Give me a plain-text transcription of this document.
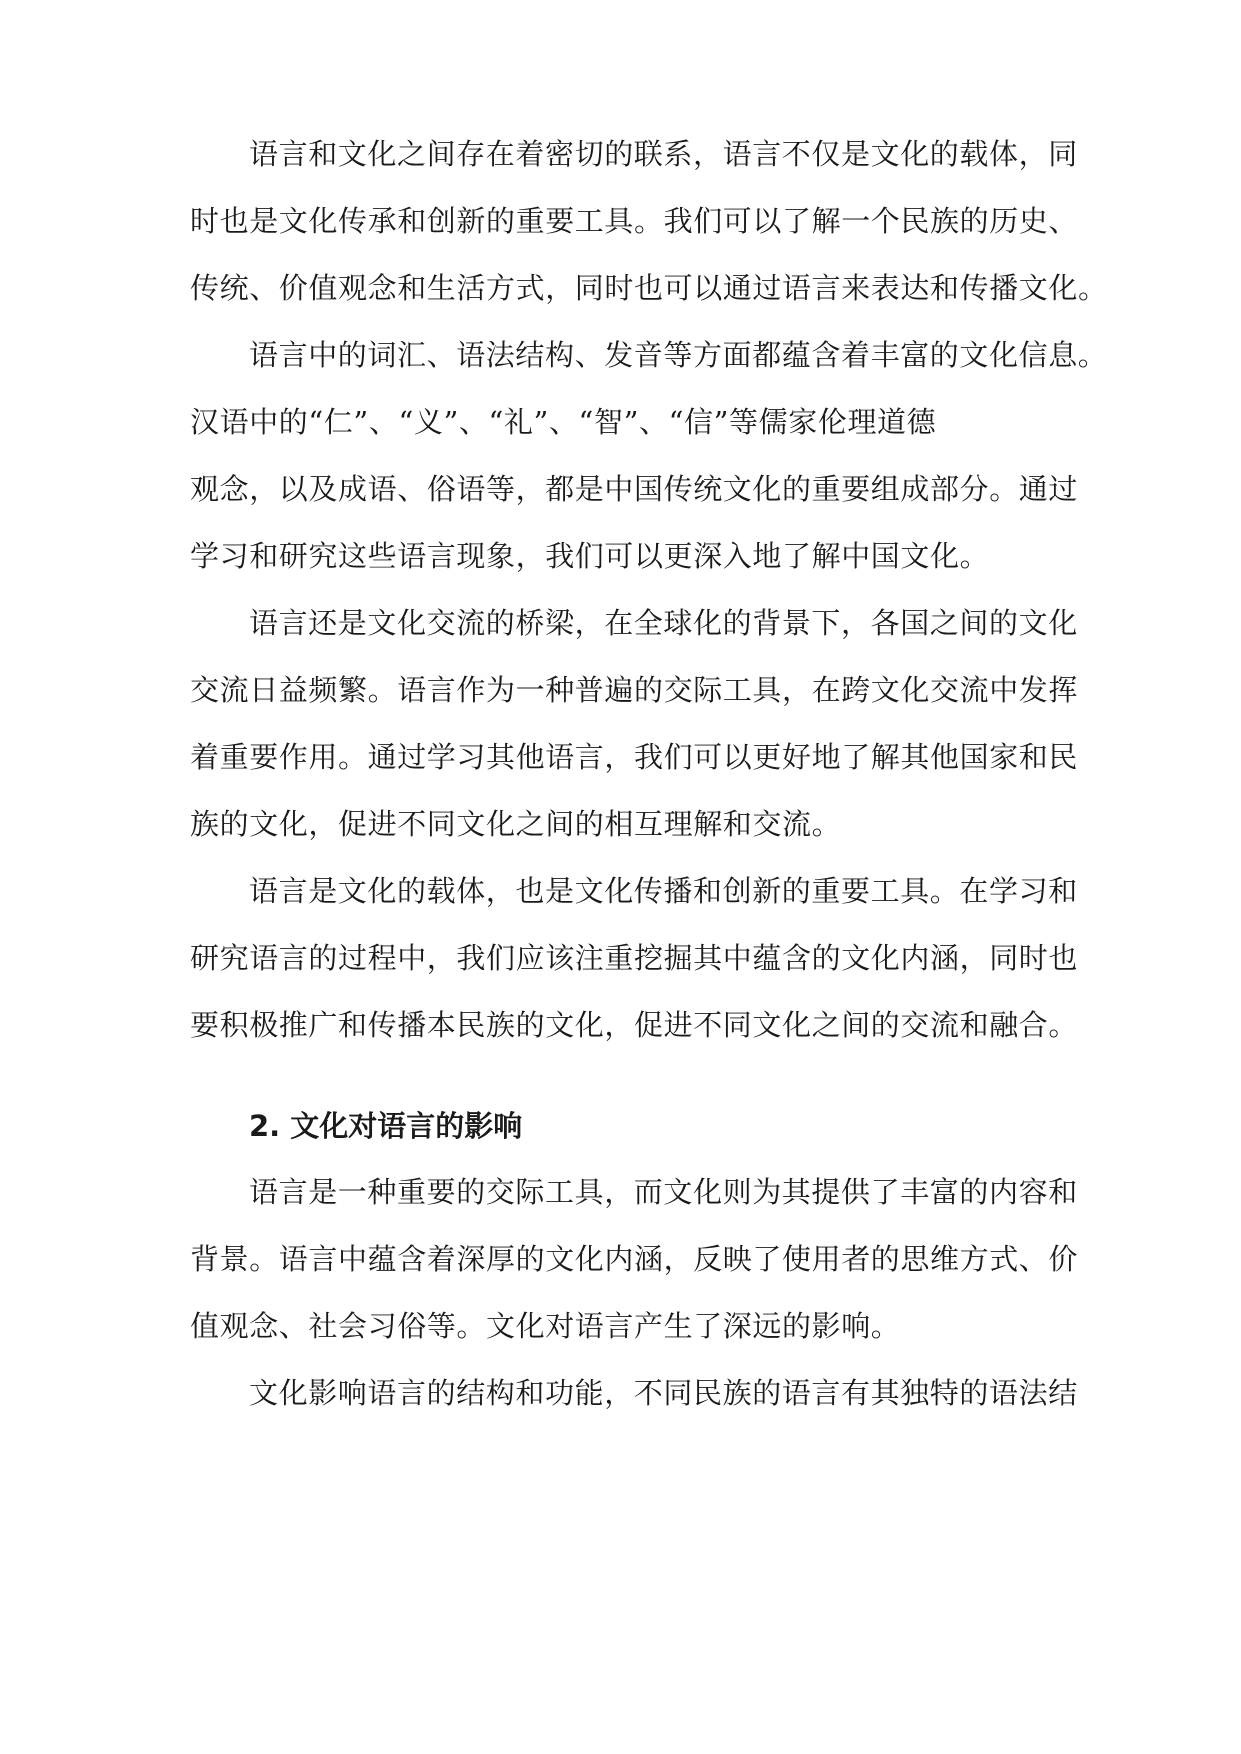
语言和文化之间存在着密切的联系，语言不仅是文化的载体，同
时也是文化传承和创新的重要工具。我们可以了解一个民族的历史、
传统、价值观念和生活方式，同时也可以通过语言来表达和传播文化。
语言中的词汇、语法结构、发音等方面都蕴含着丰富的文化信息。
汉语中的“仁”、“义”、“礼”、“智”、“信”等儒家伦理道德
观念，以及成语、俗语等，都是中国传统文化的重要组成部分。通过
学习和研究这些语言现象，我们可以更深入地了解中国文化。
语言还是文化交流的桥梁，在全球化的背景下，各国之间的文化
交流日益频繁。语言作为一种普遍的交际工具，在跨文化交流中发挥
着重要作用。通过学习其他语言，我们可以更好地了解其他国家和民
族的文化，促进不同文化之间的相互理解和交流。
语言是文化的载体，也是文化传播和创新的重要工具。在学习和
研究语言的过程中，我们应该注重挖掘其中蕴含的文化内涵，同时也
要积极推广和传播本民族的文化，促进不同文化之间的交流和融合。
2. 文化对语言的影响
语言是一种重要的交际工具，而文化则为其提供了丰富的内容和
背景。语言中蕴含着深厚的文化内涵，反映了使用者的思维方式、价
值观念、社会习俗等。文化对语言产生了深远的影响。
文化影响语言的结构和功能，不同民族的语言有其独特的语法结
